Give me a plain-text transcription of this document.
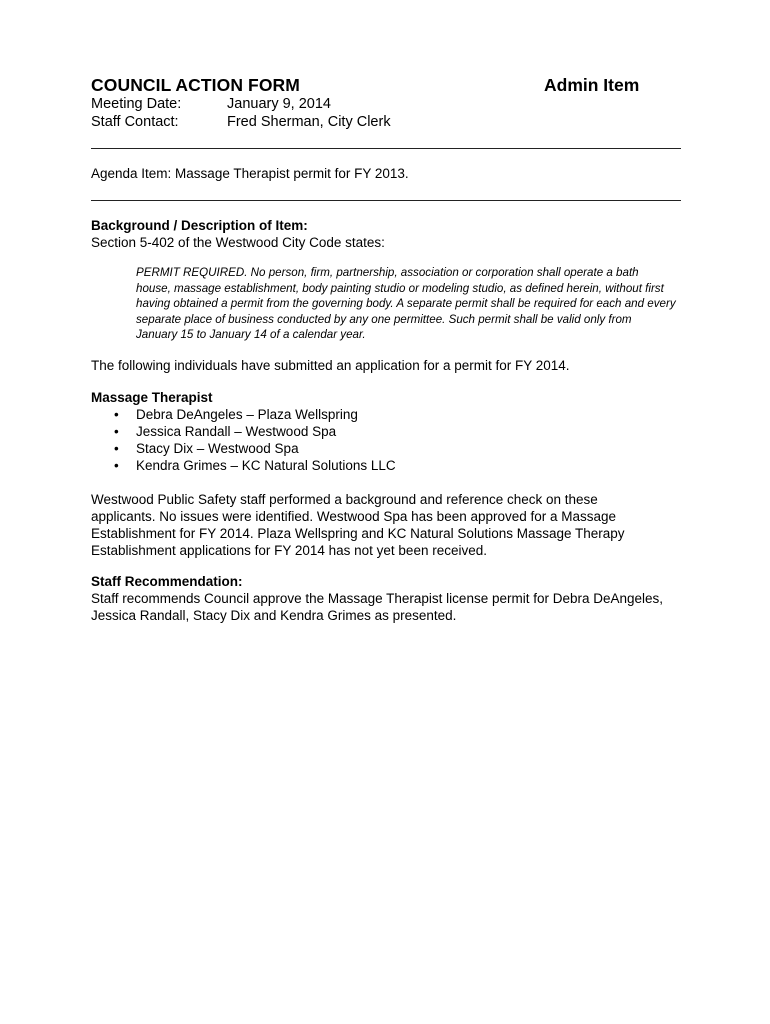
COUNCIL ACTION FORM	Admin Item
Meeting Date:	January 9, 2014
Staff Contact:	Fred Sherman, City Clerk
Agenda Item: Massage Therapist permit for FY 2013.
Background / Description of Item:
Section 5-402 of the Westwood City Code states:
PERMIT REQUIRED. No person, firm, partnership, association or corporation shall operate a bath house, massage establishment, body painting studio or modeling studio, as defined herein, without first having obtained a permit from the governing body. A separate permit shall be required for each and every separate place of business conducted by any one permittee. Such permit shall be valid only from January 15 to January 14 of a calendar year.
The following individuals have submitted an application for a permit for FY 2014.
Massage Therapist
• Debra DeAngeles – Plaza Wellspring
• Jessica Randall – Westwood Spa
• Stacy Dix – Westwood Spa
• Kendra Grimes – KC Natural Solutions LLC
Westwood Public Safety staff performed a background and reference check on these applicants. No issues were identified. Westwood Spa has been approved for a Massage Establishment for FY 2014. Plaza Wellspring and KC Natural Solutions Massage Therapy Establishment applications for FY 2014 has not yet been received.
Staff Recommendation:
Staff recommends Council approve the Massage Therapist license permit for Debra DeAngeles, Jessica Randall, Stacy Dix and Kendra Grimes as presented.
